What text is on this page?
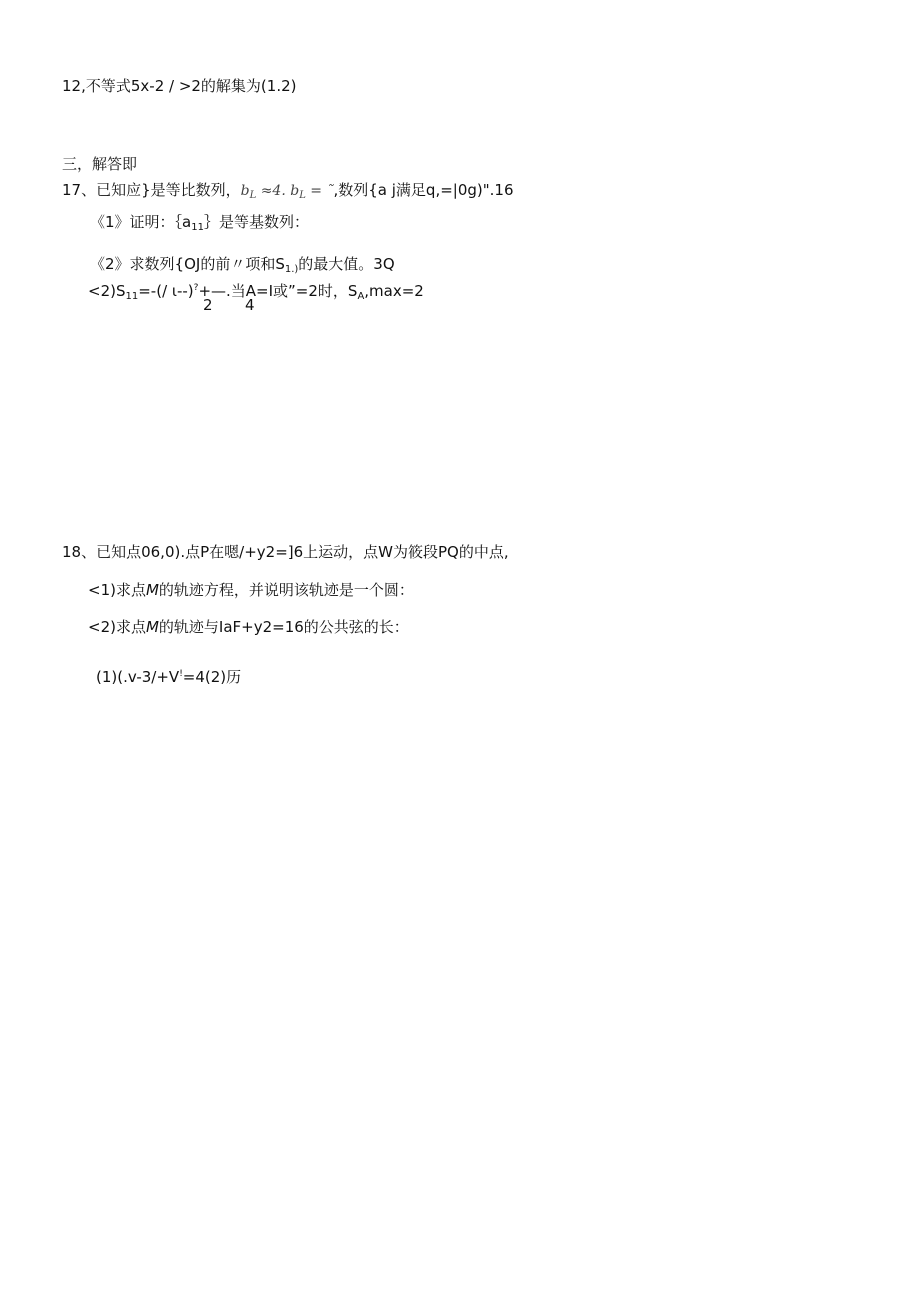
12,不等式5x-2 / >2的解集为(1.2)
三，解答即
17、已知应}是等比数列，$b_L \approx 4$. $b_L$ = ˜,数列{a j满足q,=|0g)".16
《1》证明：$\{a_{11}\}$是等基数列：
《2》求数列{OJ的前〃项和$S_{1.)}$的最大值。3Q
$<2)S_{11}=-(/$ ι--)?+—.当A=I或”=2时，$S_A,\max=2$
2 4
18、已知点06,0).点P在嗯/+y2=]6上运动，点W为筱段PQ的中点,
<1)求点M的轨迹方程，并说明该轨迹是一个圆：
<2)求点M的轨迹与IaF+y2=16的公共弦的长：
(1)(.v-3/+V!=4(2)历
